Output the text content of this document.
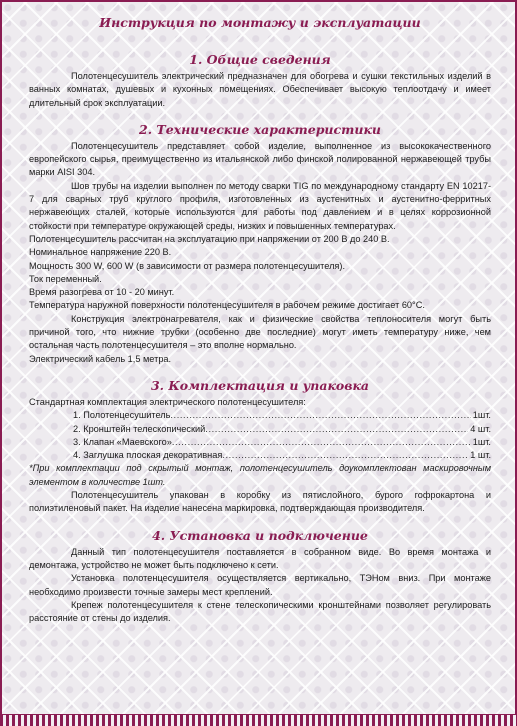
Инструкция по монтажу и эксплуатации
1. Общие сведения

Полотенцесушитель электрический предназначен для обогрева и сушки текстильных изделий в ванных комнатах, душевых и кухонных помещениях. Обеспечивает высокую теплоотдачу и имеет длительный срок эксплуатации.

2. Технические характеристики

Полотенцесушитель представляет собой изделие, выполненное из высококачественного европейского сырья, преимущественно из итальянской либо финской полированной нержавеющей трубы марки AISI 304.

Шов трубы на изделии выполнен по методу сварки TIG по международному стандарту EN 10217-7 для сварных труб круглого профиля, изготовленных из аустенитных и аустенитно-ферритных нержавеющих сталей, которые используются для работы под давлением и в целях коррозионной стойкости при температуре окружающей среды, низких и повышенных температурах.

Полотенцесушитель рассчитан на эксплуатацию при напряжении от 200 В до 240 В.

Номинальное напряжение 220 В.

Мощность 300 W, 600 W (в зависимости от размера полотенцесушителя).

Ток переменный.

Время разогрева от 10 - 20 минут.

Температура наружной поверхности полотенцесушителя в рабочем режиме достигает 60°С.

Конструкция электронагревателя, как и физические свойства теплоносителя могут быть причиной того, что нижние трубки (особенно две последние) могут иметь температуру ниже, чем остальная часть полотенцесушителя – это вполне нормально.

Электрический кабель 1,5 метра.

3. Комплектация и упаковка

Стандартная комплектация электрического полотенцесушителя:

1. Полотенцесушитель .....	1шт.
2. Кронштейн телескопический .....	4 шт.
3. Клапан «Маевского» .....	1шт.
4. Заглушка плоская декоративная .....	1 шт.

*При комплектации под скрытый монтаж, полотенцесушитель доукомплектован маскировочным элементом в количестве 1шт.

Полотенцесушитель упакован в коробку из пятислойного, бурого гофрокартона и полиэтиленовый пакет. На изделие нанесена маркировка, подтверждающая производителя.

4. Установка и подключение

Данный тип полотенцесушителя поставляется в собранном виде. Во время монтажа и демонтажа, устройство не может быть подключено к сети.

Установка полотенцесушителя осуществляется вертикально, ТЭНом вниз. При монтаже необходимо произвести точные замеры мест креплений.

Крепеж полотенцесушителя к стене телескопическими кронштейнами позволяет регулировать расстояние от стены до изделия.
